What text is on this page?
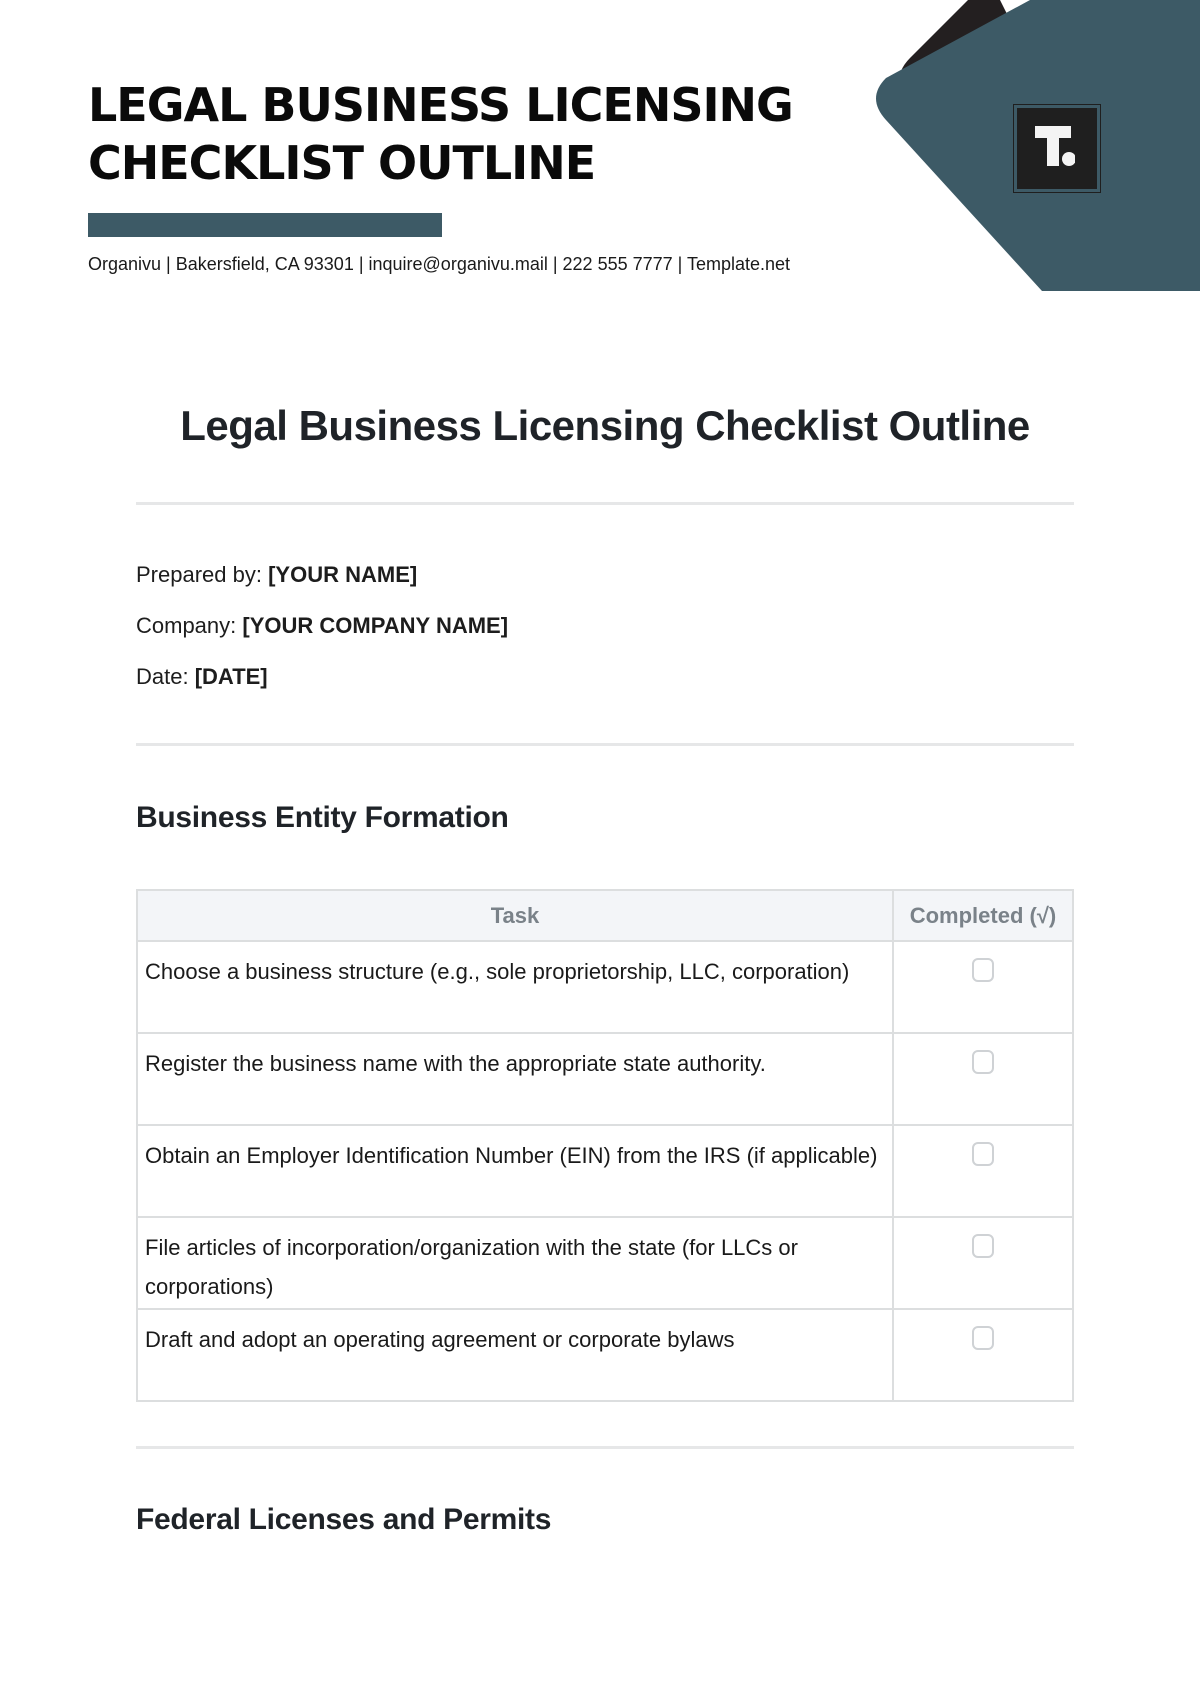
LEGAL BUSINESS LICENSING CHECKLIST OUTLINE
Organivu | Bakersfield, CA 93301 | inquire@organivu.mail | 222 555 7777 | Template.net
Legal Business Licensing Checklist Outline
Prepared by: [YOUR NAME]
Company: [YOUR COMPANY NAME]
Date: [DATE]
Business Entity Formation
Task	Completed (√)
Choose a business structure (e.g., sole proprietorship, LLC, corporation)	
Register the business name with the appropriate state authority.	
Obtain an Employer Identification Number (EIN) from the IRS (if applicable)	
File articles of incorporation/organization with the state (for LLCs or corporations)	
Draft and adopt an operating agreement or corporate bylaws	
Federal Licenses and Permits
